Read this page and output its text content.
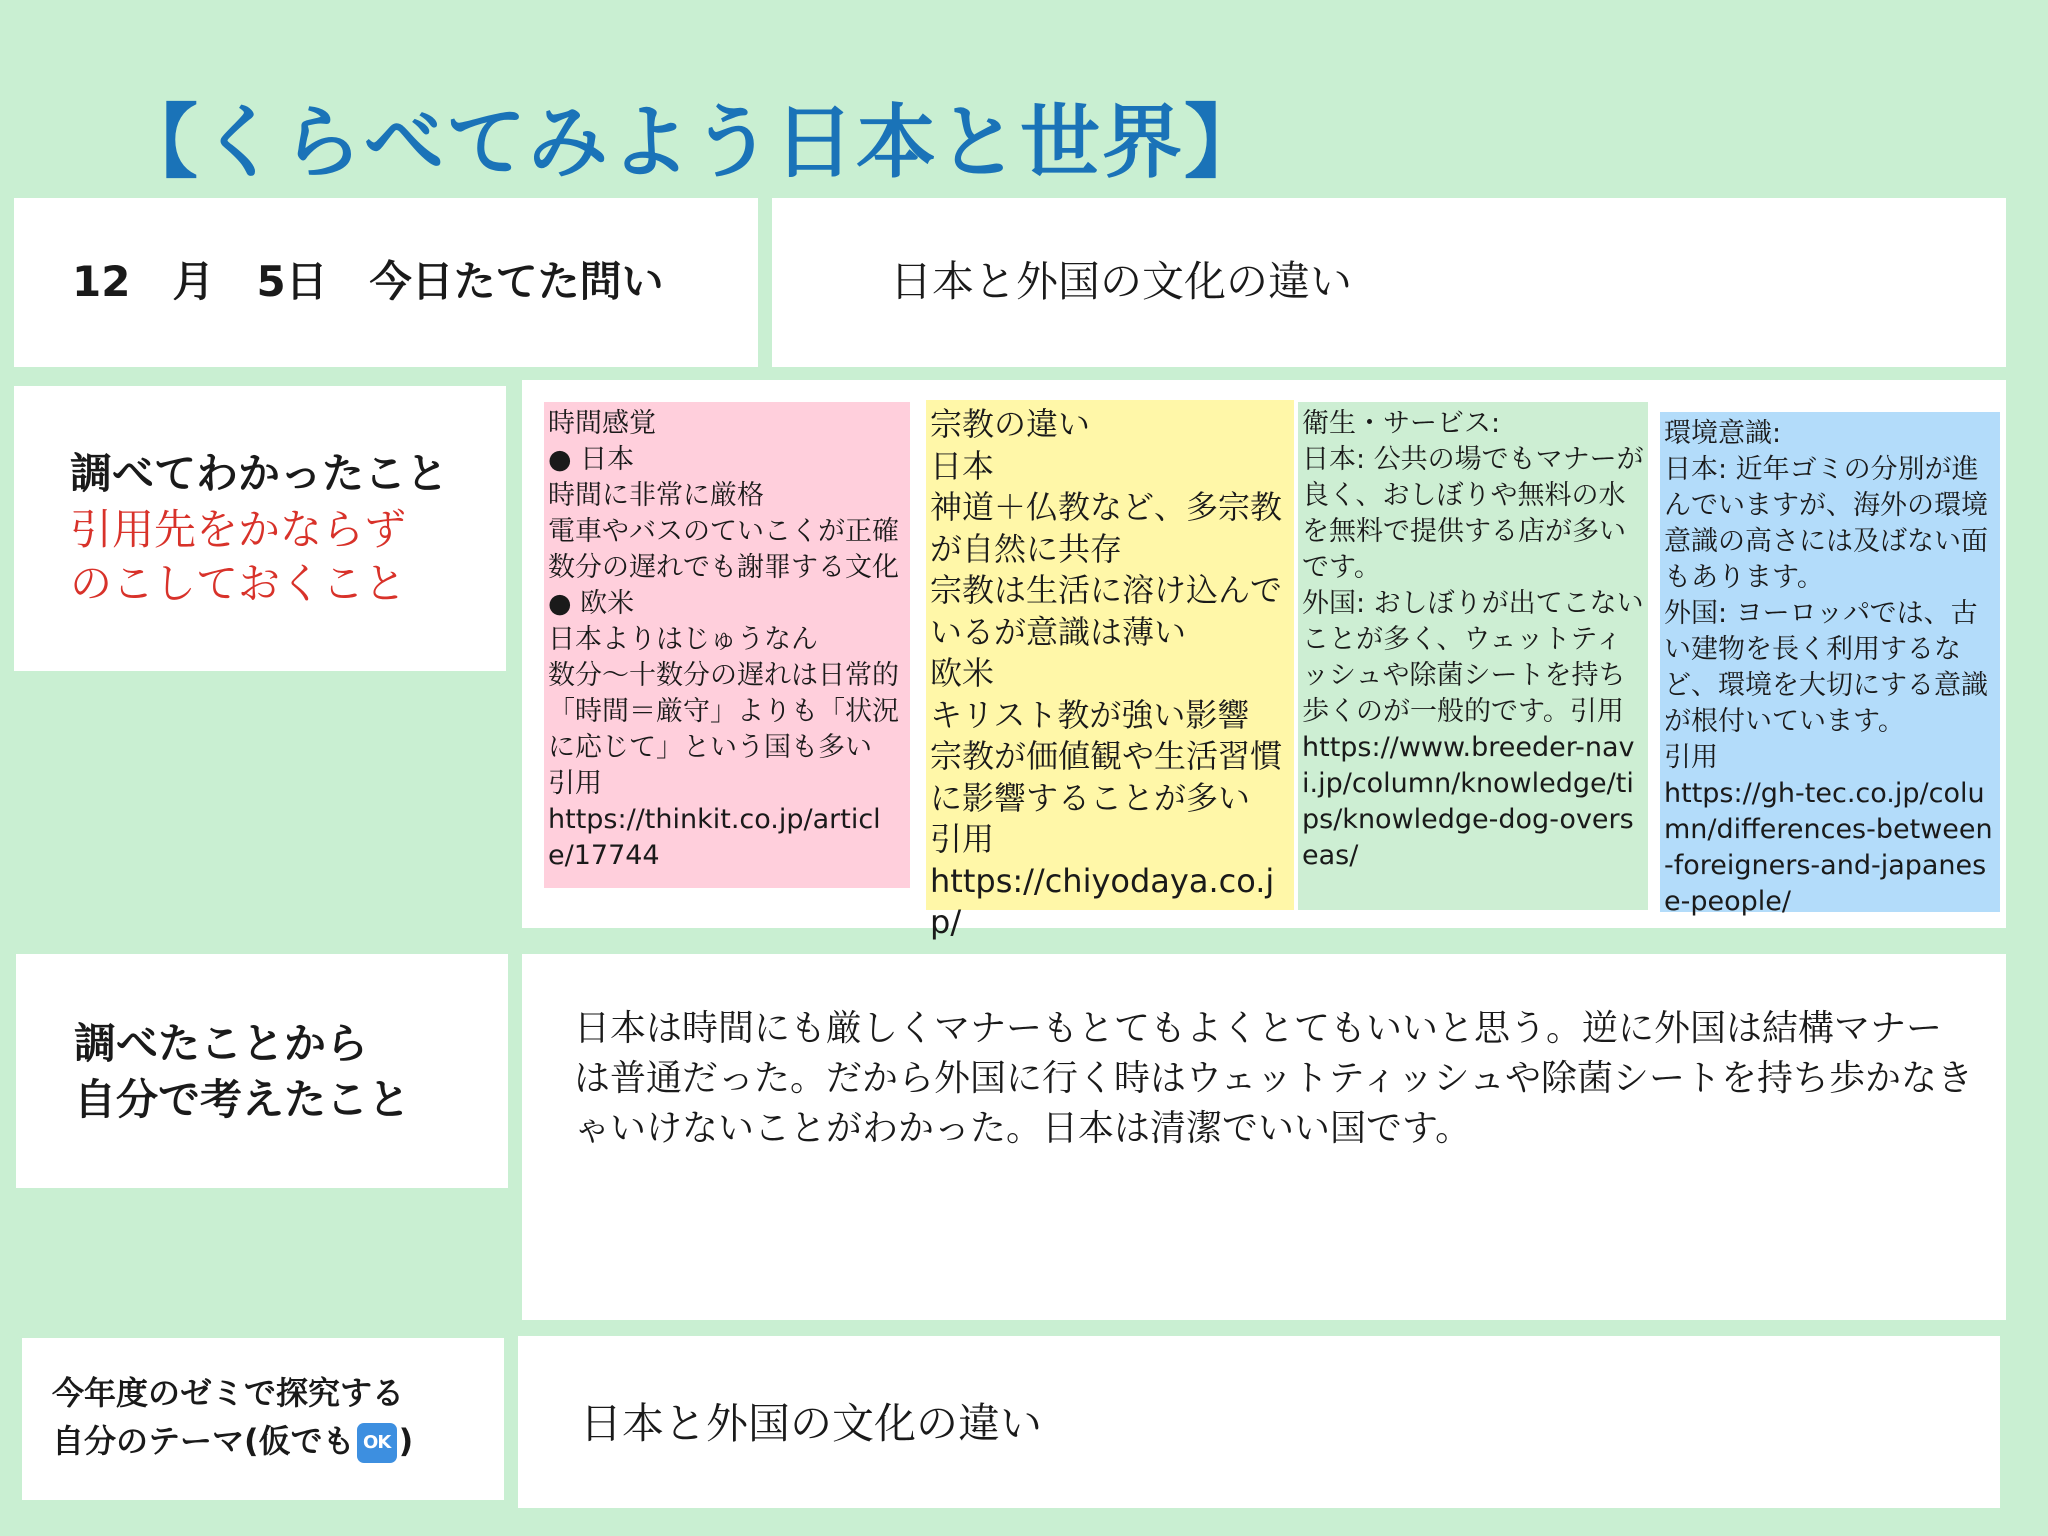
【くらべてみよう日本と世界】
12　月　5日　今日たてた問い	日本と外国の文化の違い
調べてわかったこと
引用先をかならず
のこしておくこと
時間感覚
● 日本
時間に非常に厳格
電車やバスのていこくが正確
数分の遅れでも謝罪する文化
● 欧米
日本よりはじゅうなん
数分〜十数分の遅れは日常的
「時間＝厳守」よりも「状況に応じて」という国も多い
引用
https://thinkit.co.jp/article/17744
宗教の違い
日本
神道＋仏教など、多宗教が自然に共存
宗教は生活に溶け込んでいるが意識は薄い
欧米
キリスト教が強い影響
宗教が価値観や生活習慣に影響することが多い
引用
https://chiyodaya.co.jp/
衛生・サービス:
日本: 公共の場でもマナーが良く、おしぼりや無料の水を無料で提供する店が多いです。
外国: おしぼりが出てこないことが多く、ウェットティッシュや除菌シートを持ち歩くのが一般的です。引用
https://www.breeder-navi.jp/column/knowledge/tips/knowledge-dog-overseas/
環境意識:
日本: 近年ゴミの分別が進んでいますが、海外の環境意識の高さには及ばない面もあります。
外国: ヨーロッパでは、古い建物を長く利用するなど、環境を大切にする意識が根付いています。
引用
https://gh-tec.co.jp/column/differences-between-foreigners-and-japanese-people/
調べたことから
自分で考えたこと
日本は時間にも厳しくマナーもとてもよくとてもいいと思う。逆に外国は結構マナーは普通だった。だから外国に行く時はウェットティッシュや除菌シートを持ち歩かなきゃいけないことがわかった。日本は清潔でいい国です。
今年度のゼミで探究する
自分のテーマ(仮でも OK )	日本と外国の文化の違い
